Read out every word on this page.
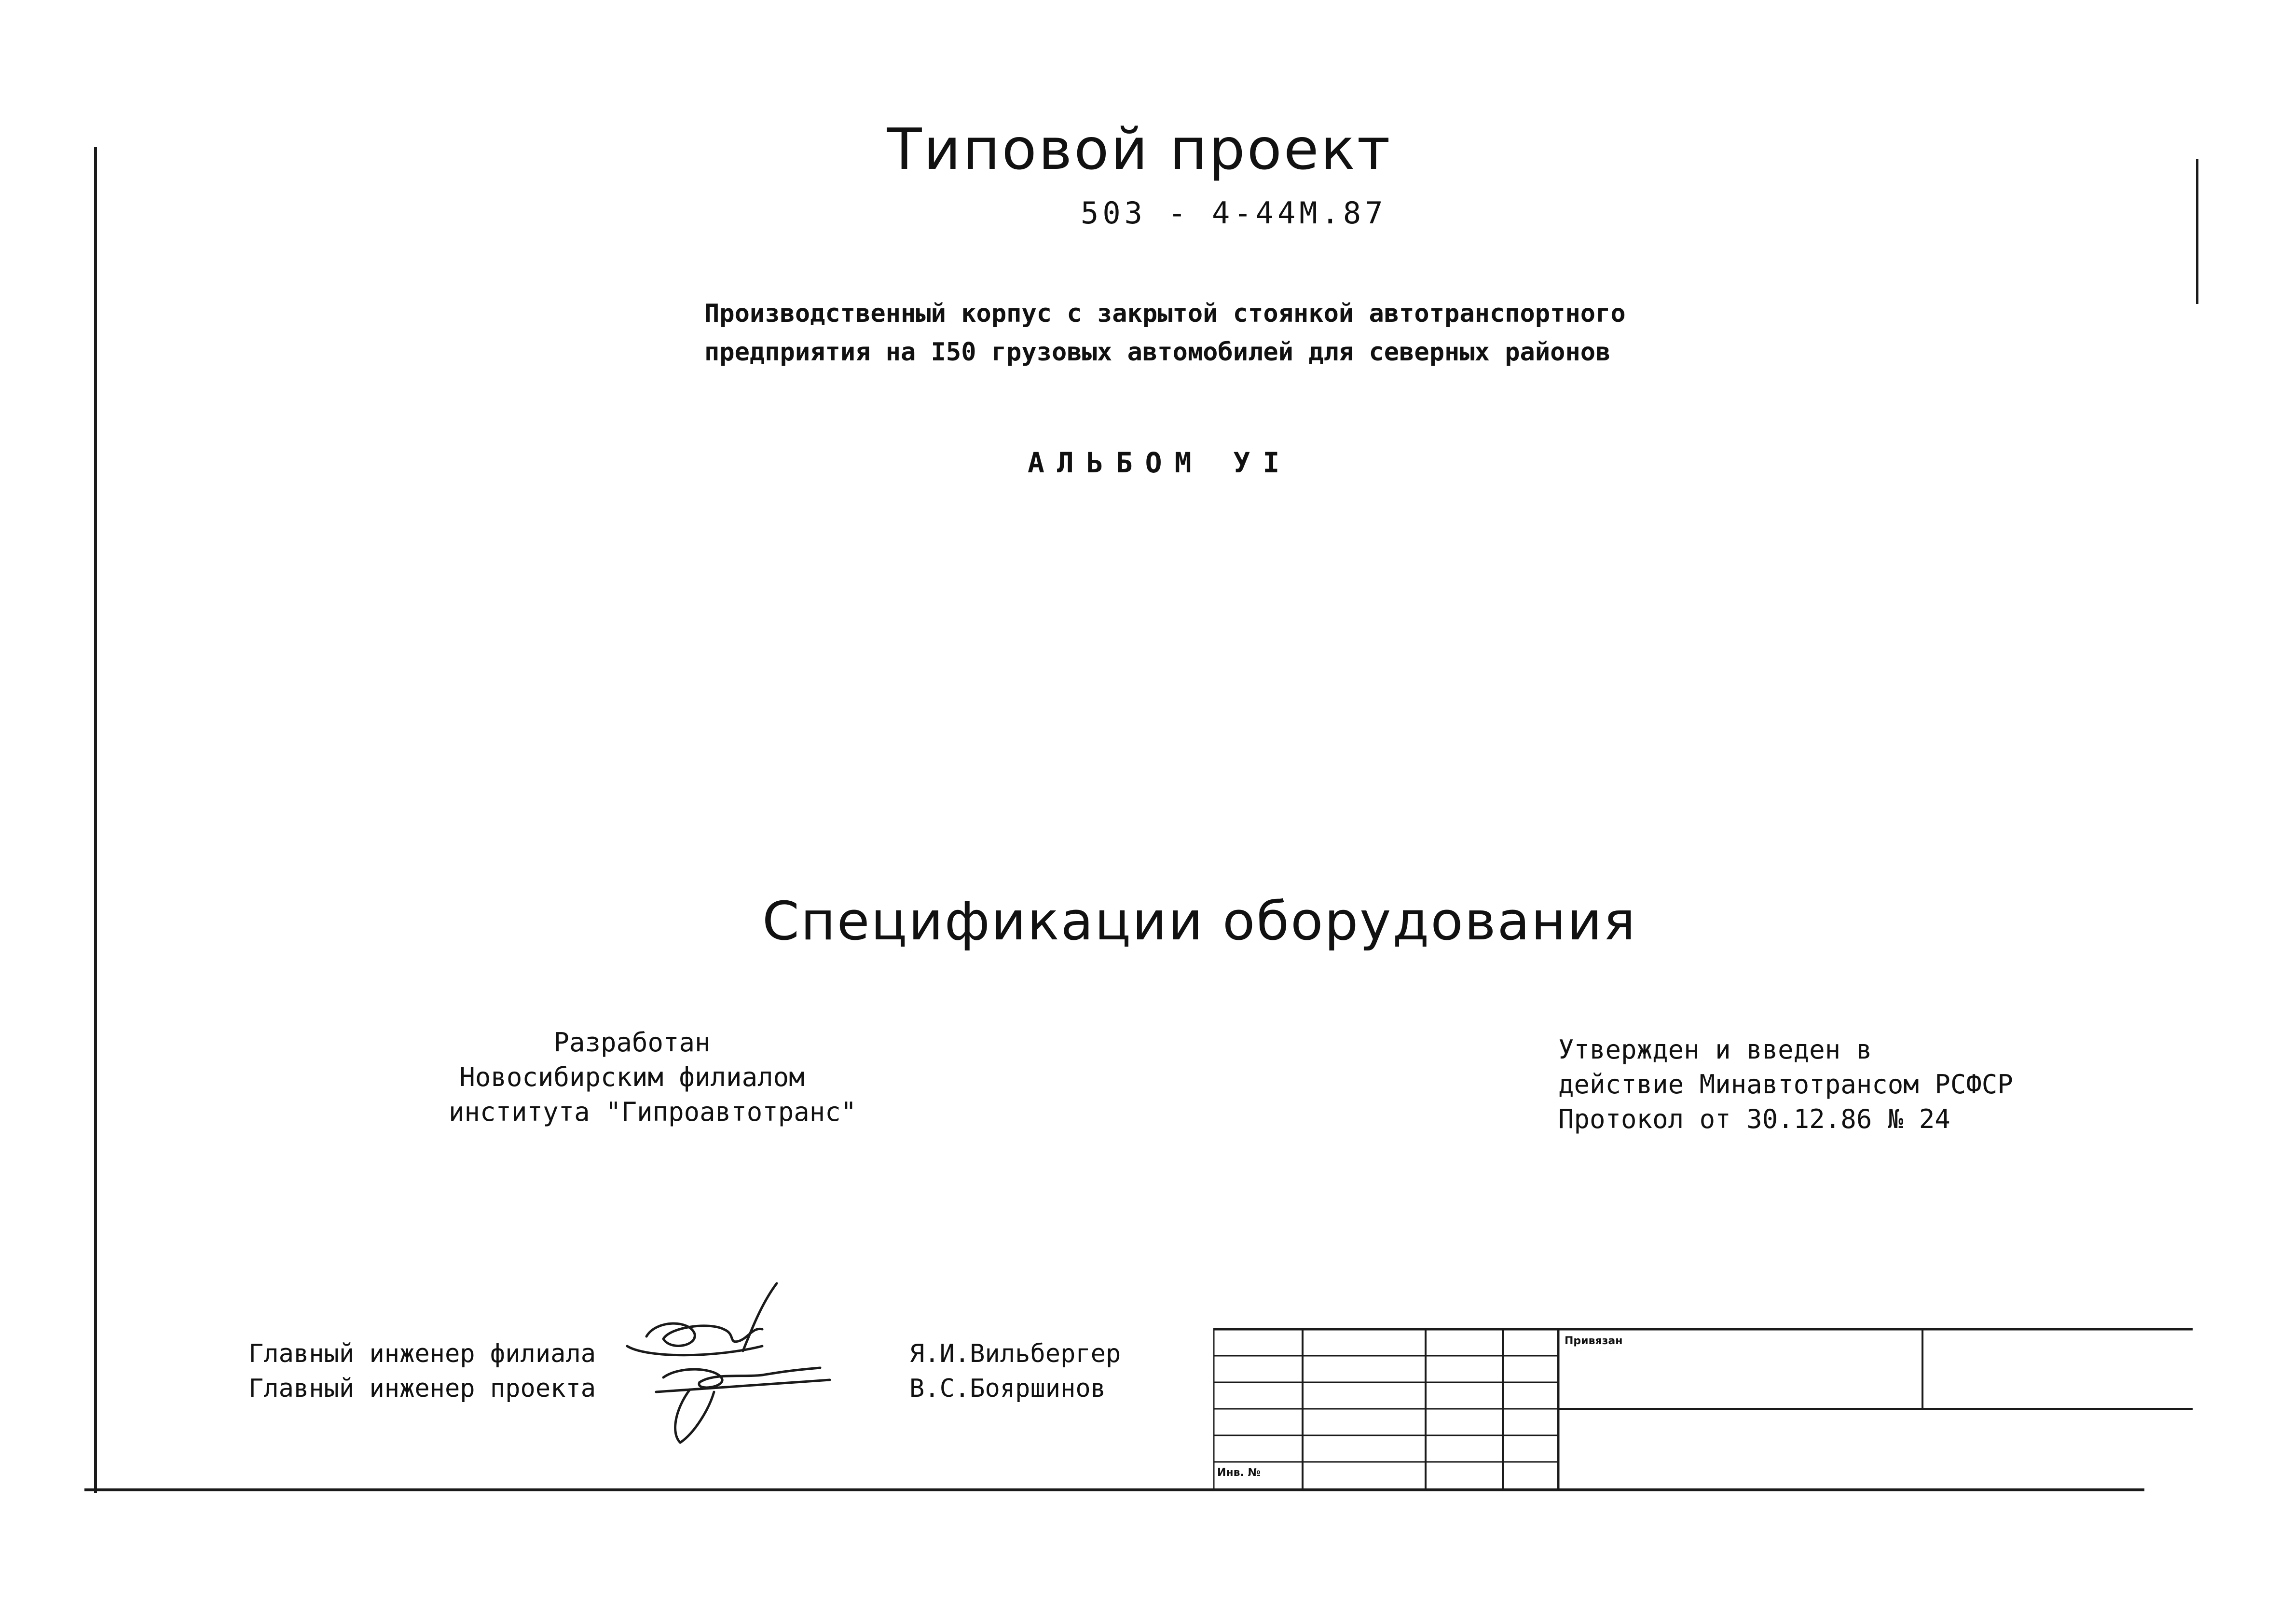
Типовой проект
503 - 4-44М.87
Производственный корпус с закрытой стоянкой автотранспортного
предприятия на I50 грузовых автомобилей для северных районов
АЛЬБОМ УI
Спецификации оборудования
Разработан
Новосибирским филиалом
института "Гипроавтотранс"
Утвержден и введен в
действие Минавтотрансом РСФСР
Протокол от 30.12.86 № 24
Главный инженер филиала
Главный инженер проекта
Я.И.Вильбергер
В.С.Бояршинов
Привязан
Инв. №
